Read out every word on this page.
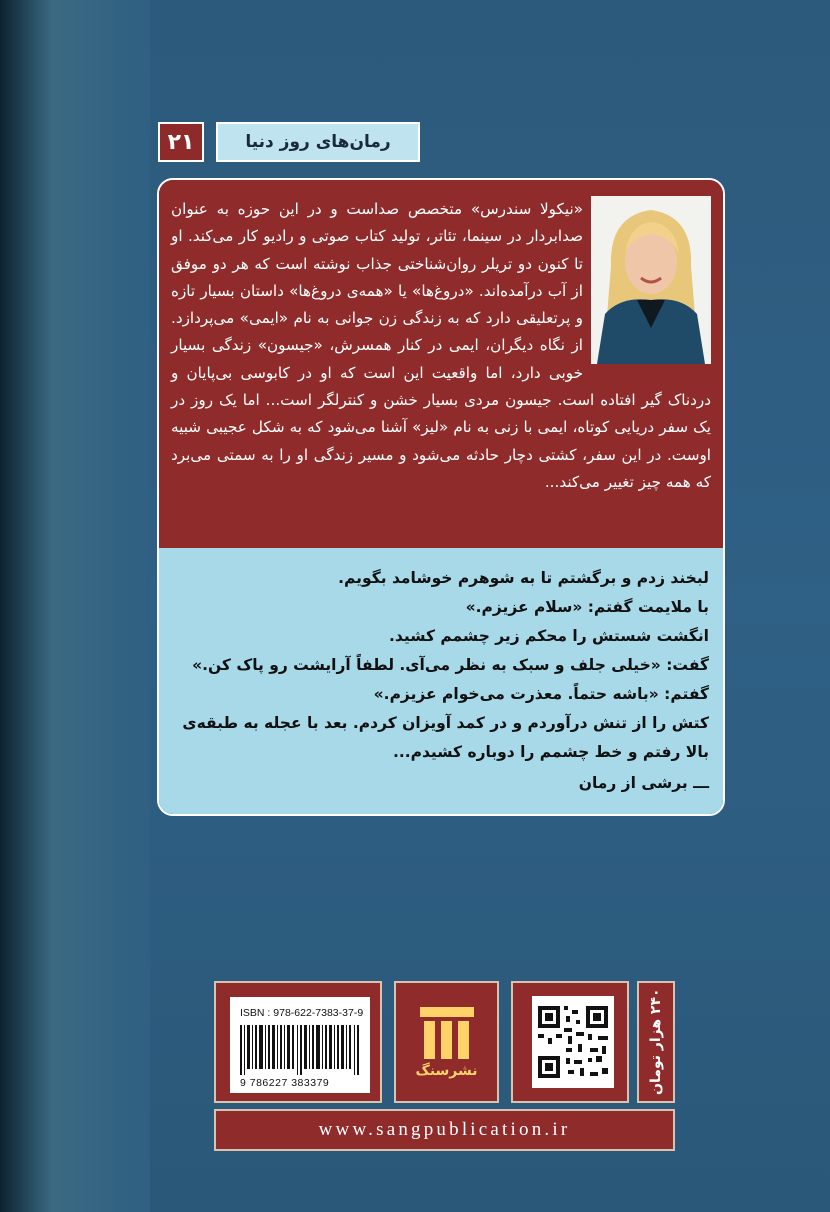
۲۱	رمان‌های روز دنیا
«نیکولا سندرس» متخصص صداست و در این حوزه به عنوان صدابردار در سینما، تئاتر، تولید کتاب صوتی و رادیو کار می‌کند. او تا کنون دو تریلر روان‌شناختی جذاب نوشته است که هر دو موفق از آب درآمده‌اند. «دروغ‌ها» یا «همه‌ی دروغ‌ها» داستان بسیار تازه و پرتعلیقی دارد که به زندگی زن جوانی به نام «ایمی» می‌پردازد. از نگاه دیگران، ایمی در کنار همسرش، «جیسون» زندگی بسیار خوبی دارد، اما واقعیت این است که او در کابوسی بی‌پایان و دردناک گیر افتاده است. جیسون مردی بسیار خشن و کنترلگر است... اما یک روز در یک سفر دریایی کوتاه، ایمی با زنی به نام «لیز» آشنا می‌شود که به شکل عجیبی شبیه اوست. در این سفر، کشتی دچار حادثه می‌شود و مسیر زندگی او را به سمتی می‌برد که همه چیز تغییر می‌کند...

لبخند زدم و برگشتم تا به شوهرم خوشامد بگویم.

با ملایمت گفتم: «سلام عزیزم.»

انگشت شستش را محکم زیر چشمم کشید.

گفت: «خیلی جلف و سبک به نظر می‌آی. لطفاً آرایشت رو پاک کن.»

گفتم: «باشه حتماً. معذرت می‌خوام عزیزم.»

کتش را از تنش درآوردم و در کمد آویزان کردم. بعد با عجله به طبقه‌ی بالا رفتم و خط چشمم را دوباره کشیدم...

ـــ برشی از رمان

ISBN : 978-622-7383-37-9
9 786227 383379
نشرسنگ	۲۴۰ هزار تومان
www.sangpublication.ir
